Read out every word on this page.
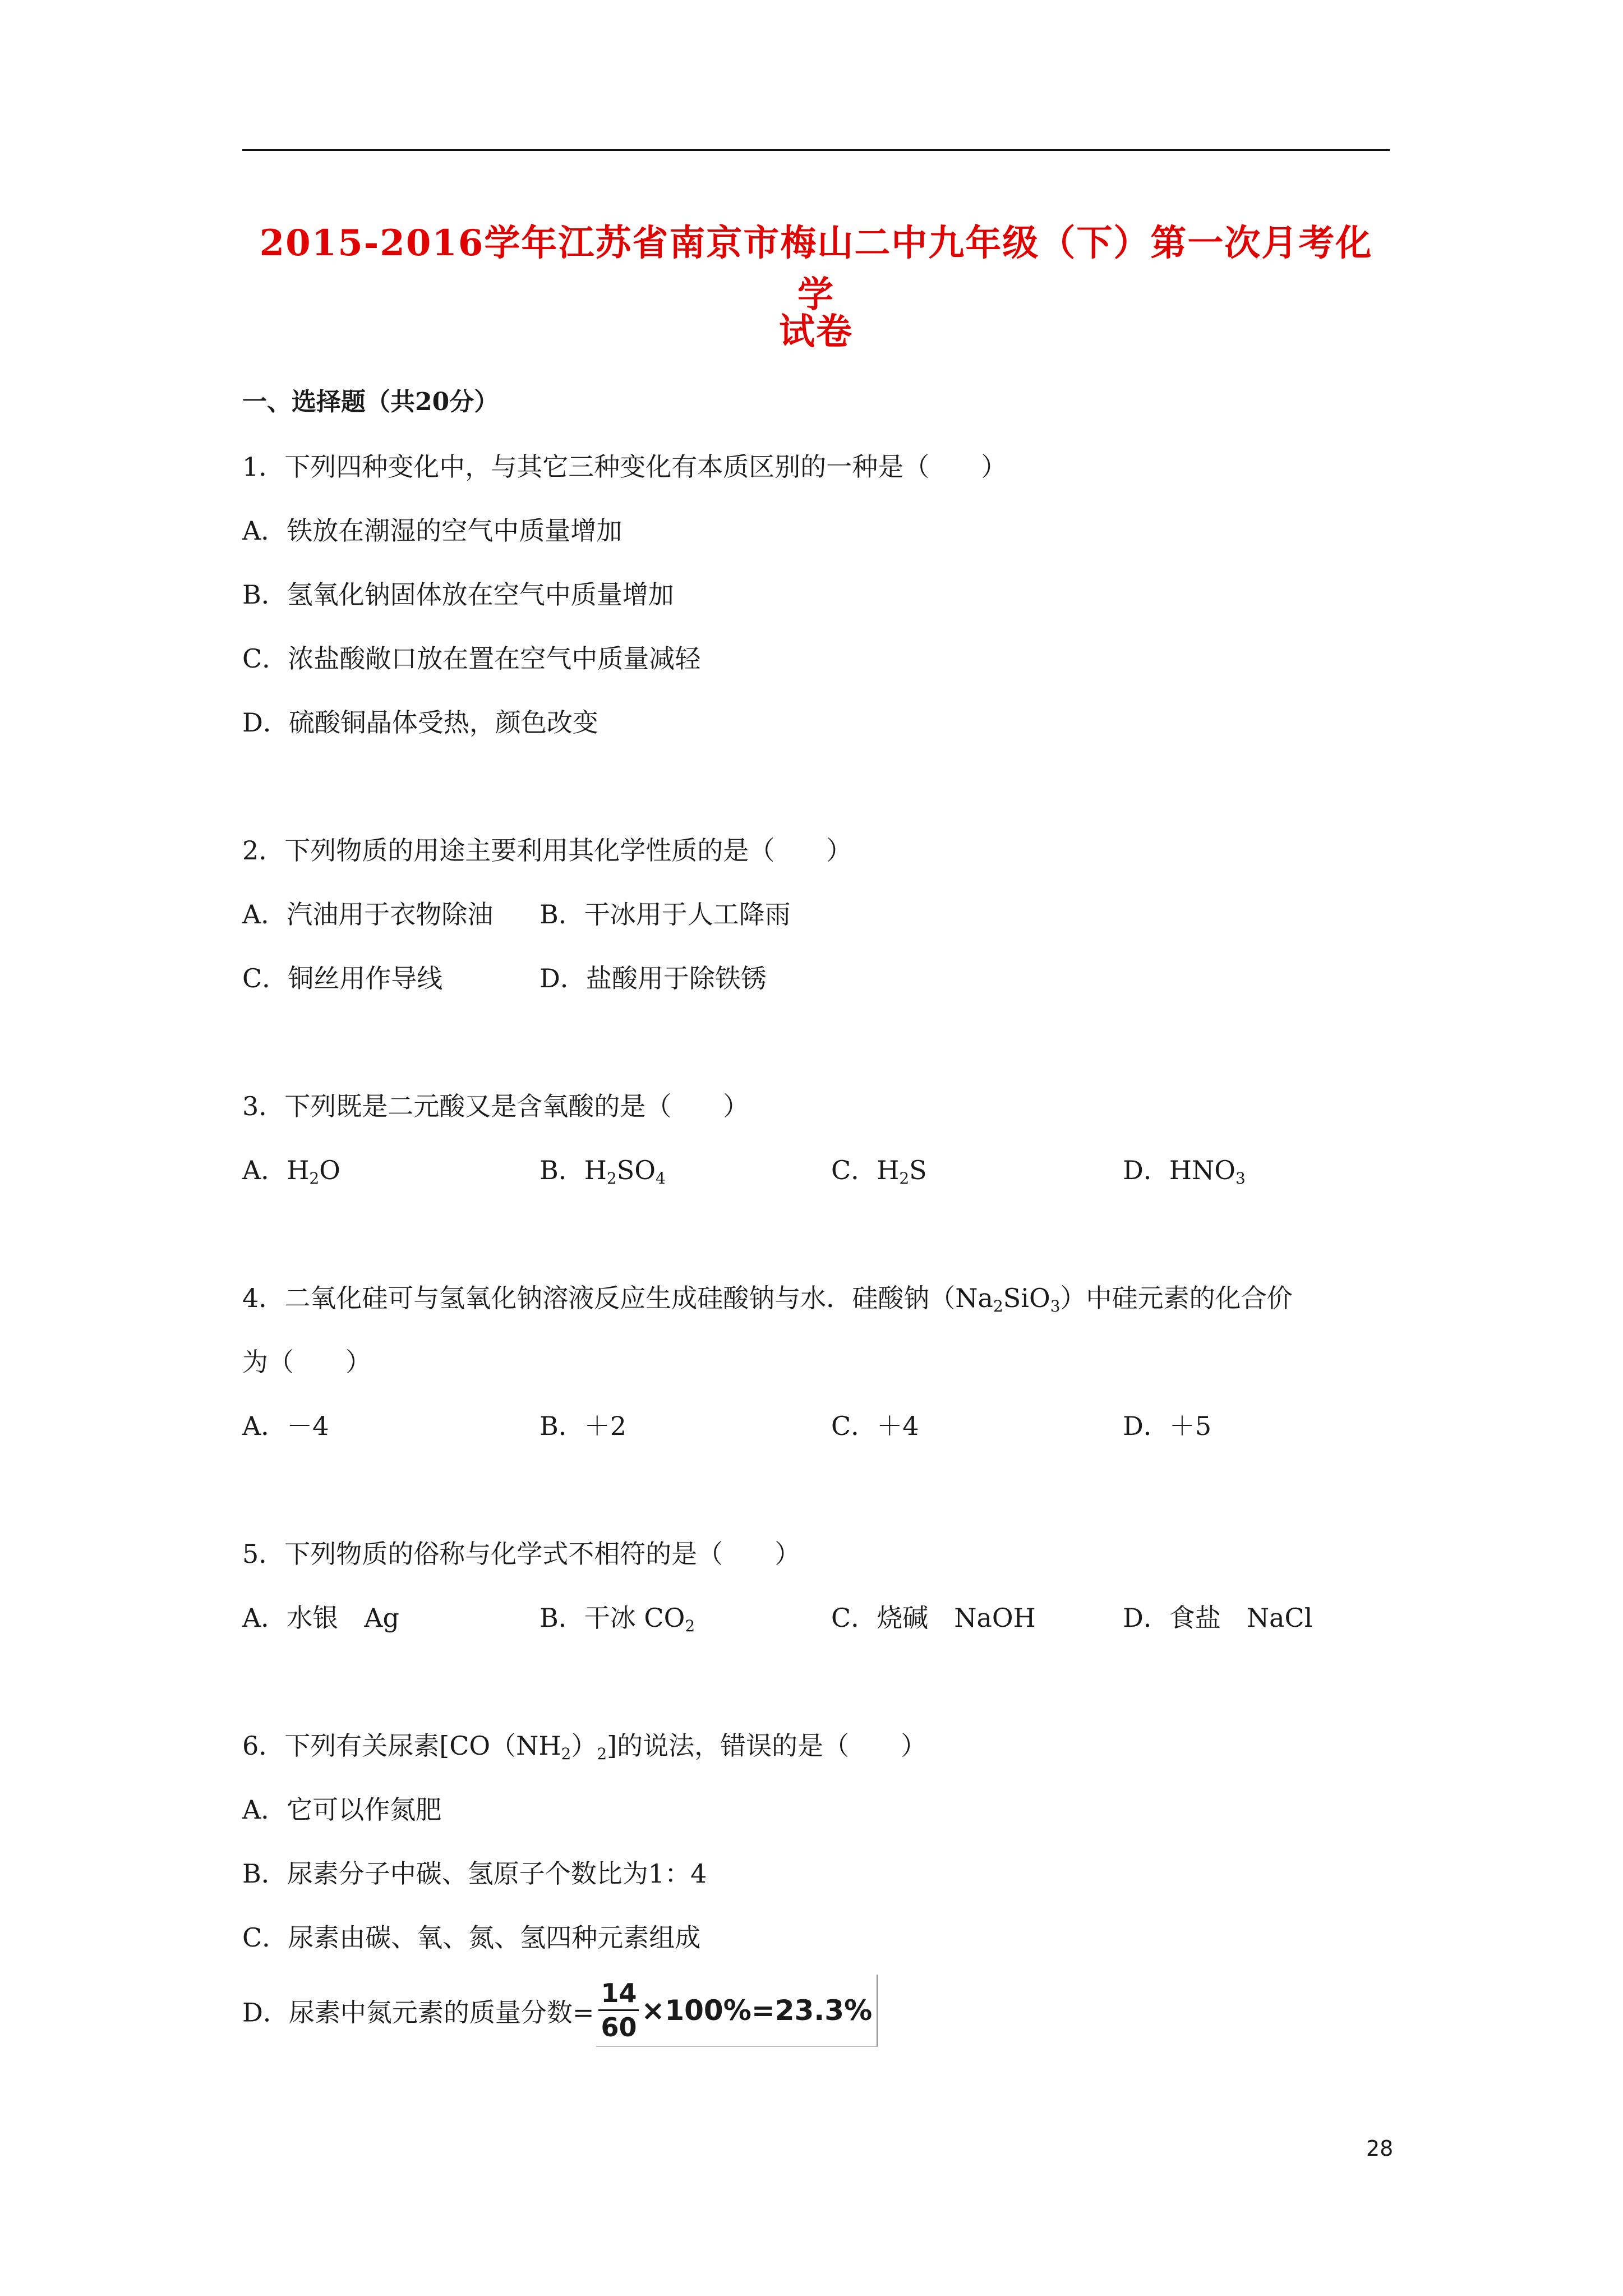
2015-2016学年江苏省南京市梅山二中九年级（下）第一次月考化学
试卷
一、选择题（共20分）
1．下列四种变化中，与其它三种变化有本质区别的一种是（　　）
A．铁放在潮湿的空气中质量增加
B．氢氧化钠固体放在空气中质量增加
C．浓盐酸敞口放在置在空气中质量减轻
D．硫酸铜晶体受热，颜色改变
2．下列物质的用途主要利用其化学性质的是（　　）
A．汽油用于衣物除油 B．干冰用于人工降雨
C．铜丝用作导线	D．盐酸用于除铁锈
3．下列既是二元酸又是含氧酸的是（　　）
A．$H_2O$	B．$H_2SO_4$	C．$H_2S$	D．$HNO_3$
4．二氧化硅可与氢氧化钠溶液反应生成硅酸钠与水．硅酸钠$(Na_2SiO_3)$中硅元素的化合价
为（　　）
A．－4	B．＋2	C．＋4	D．＋5
5．下列物质的俗称与化学式不相符的是（　　）
A．水银　Ag	B．干冰 $CO_2$	C．烧碱　NaOH	D．食盐　NaCl
6．下列有关尿素$[CO(NH_2)_2]$的说法，错误的是（　　）
A．它可以作氮肥
B．尿素分子中碳、氢原子个数比为1：4
C．尿素由碳、氧、氮、氢四种元素组成
D．尿素中氮元素的质量分数= $\frac{14}{60} \times 100\%=23.3\%$
28
